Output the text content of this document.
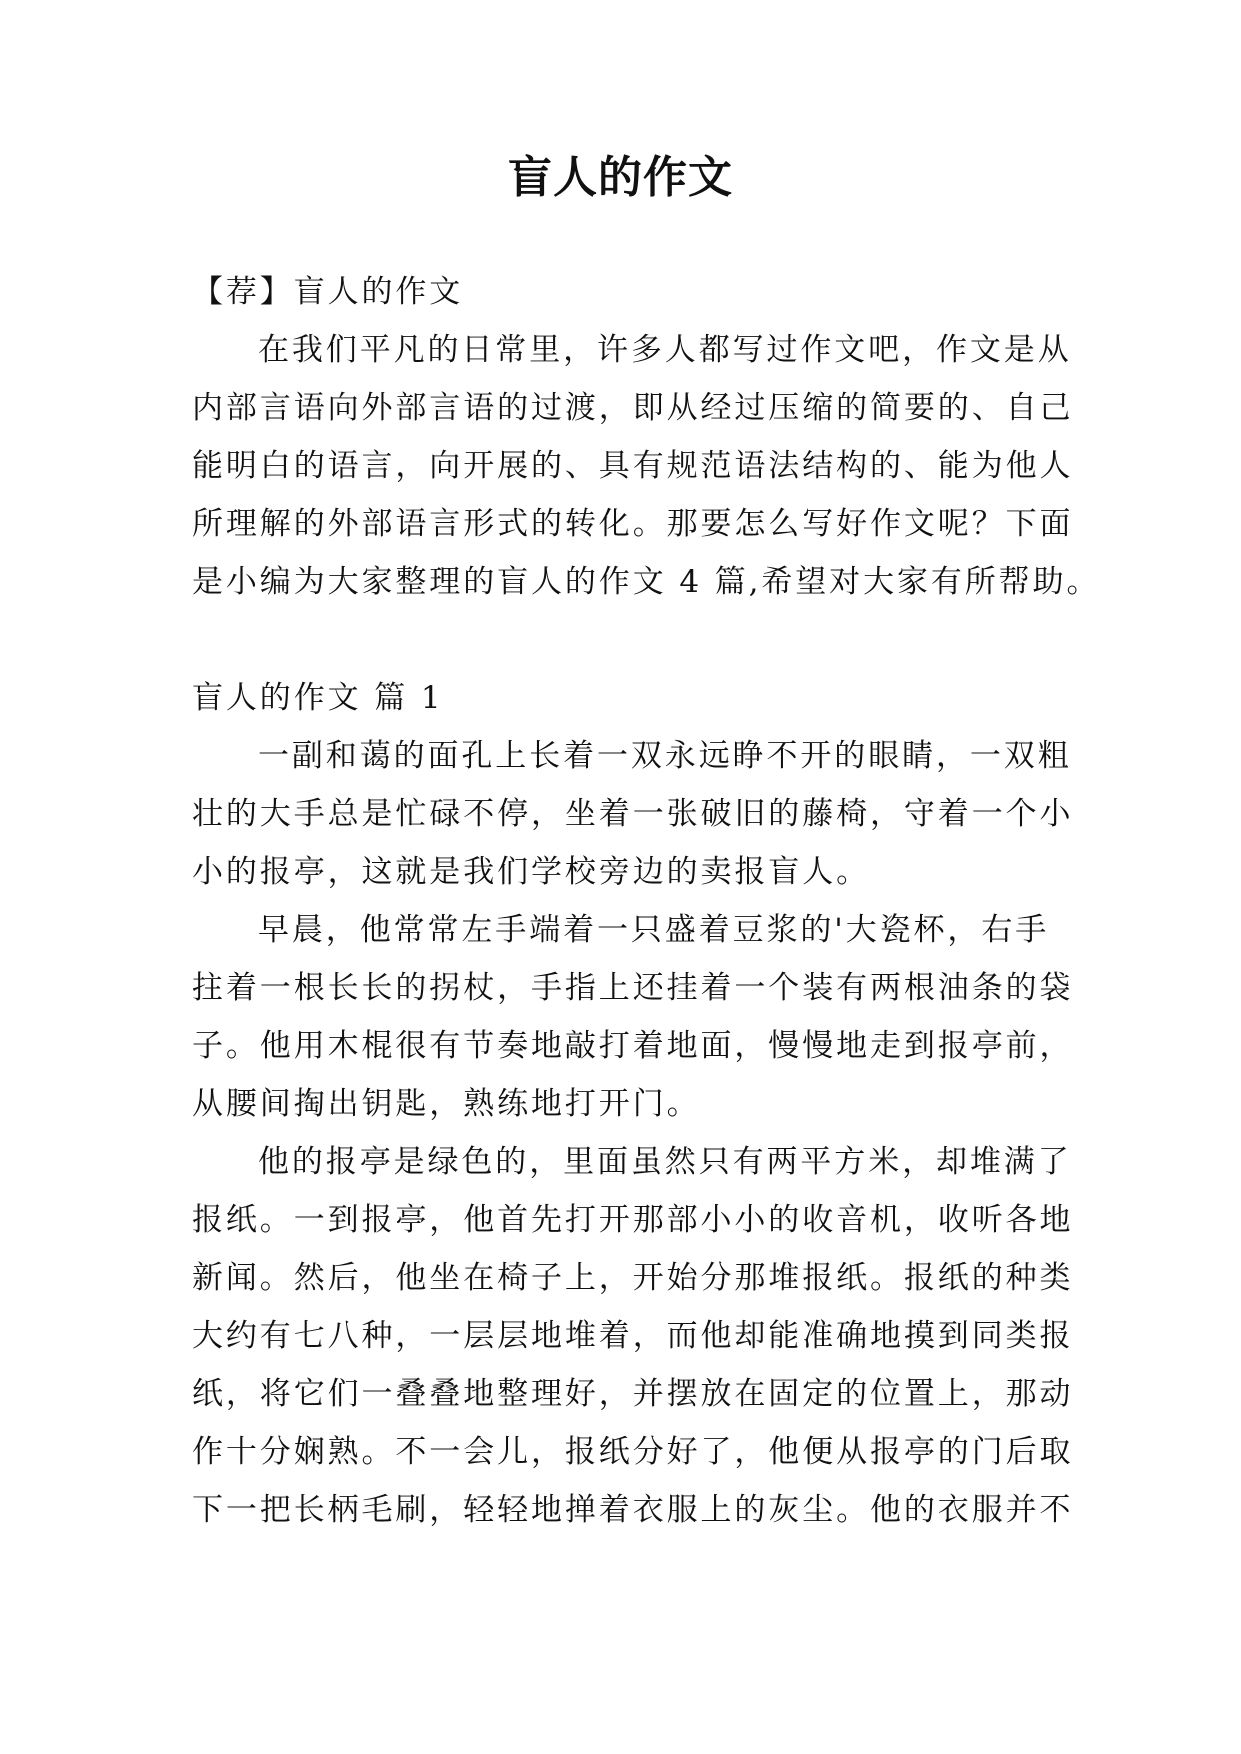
盲人的作文
【荐】盲人的作文
在我们平凡的日常里，许多人都写过作文吧，作文是从
内部言语向外部言语的过渡，即从经过压缩的简要的、自己
能明白的语言，向开展的、具有规范语法结构的、能为他人
所理解的外部语言形式的转化。那要怎么写好作文呢？下面
是小编为大家整理的盲人的作文 4 篇,希望对大家有所帮助。
盲人的作文 篇 1
一副和蔼的面孔上长着一双永远睁不开的眼睛，一双粗
壮的大手总是忙碌不停，坐着一张破旧的藤椅，守着一个小
小的报亭，这就是我们学校旁边的卖报盲人。
早晨，他常常左手端着一只盛着豆浆的'大瓷杯，右手
拄着一根长长的拐杖，手指上还挂着一个装有两根油条的袋
子。他用木棍很有节奏地敲打着地面，慢慢地走到报亭前，
从腰间掏出钥匙，熟练地打开门。
他的报亭是绿色的，里面虽然只有两平方米，却堆满了
报纸。一到报亭，他首先打开那部小小的收音机，收听各地
新闻。然后，他坐在椅子上，开始分那堆报纸。报纸的种类
大约有七八种，一层层地堆着，而他却能准确地摸到同类报
纸，将它们一叠叠地整理好，并摆放在固定的位置上，那动
作十分娴熟。不一会儿，报纸分好了，他便从报亭的门后取
下一把长柄毛刷，轻轻地掸着衣服上的灰尘。他的衣服并不
